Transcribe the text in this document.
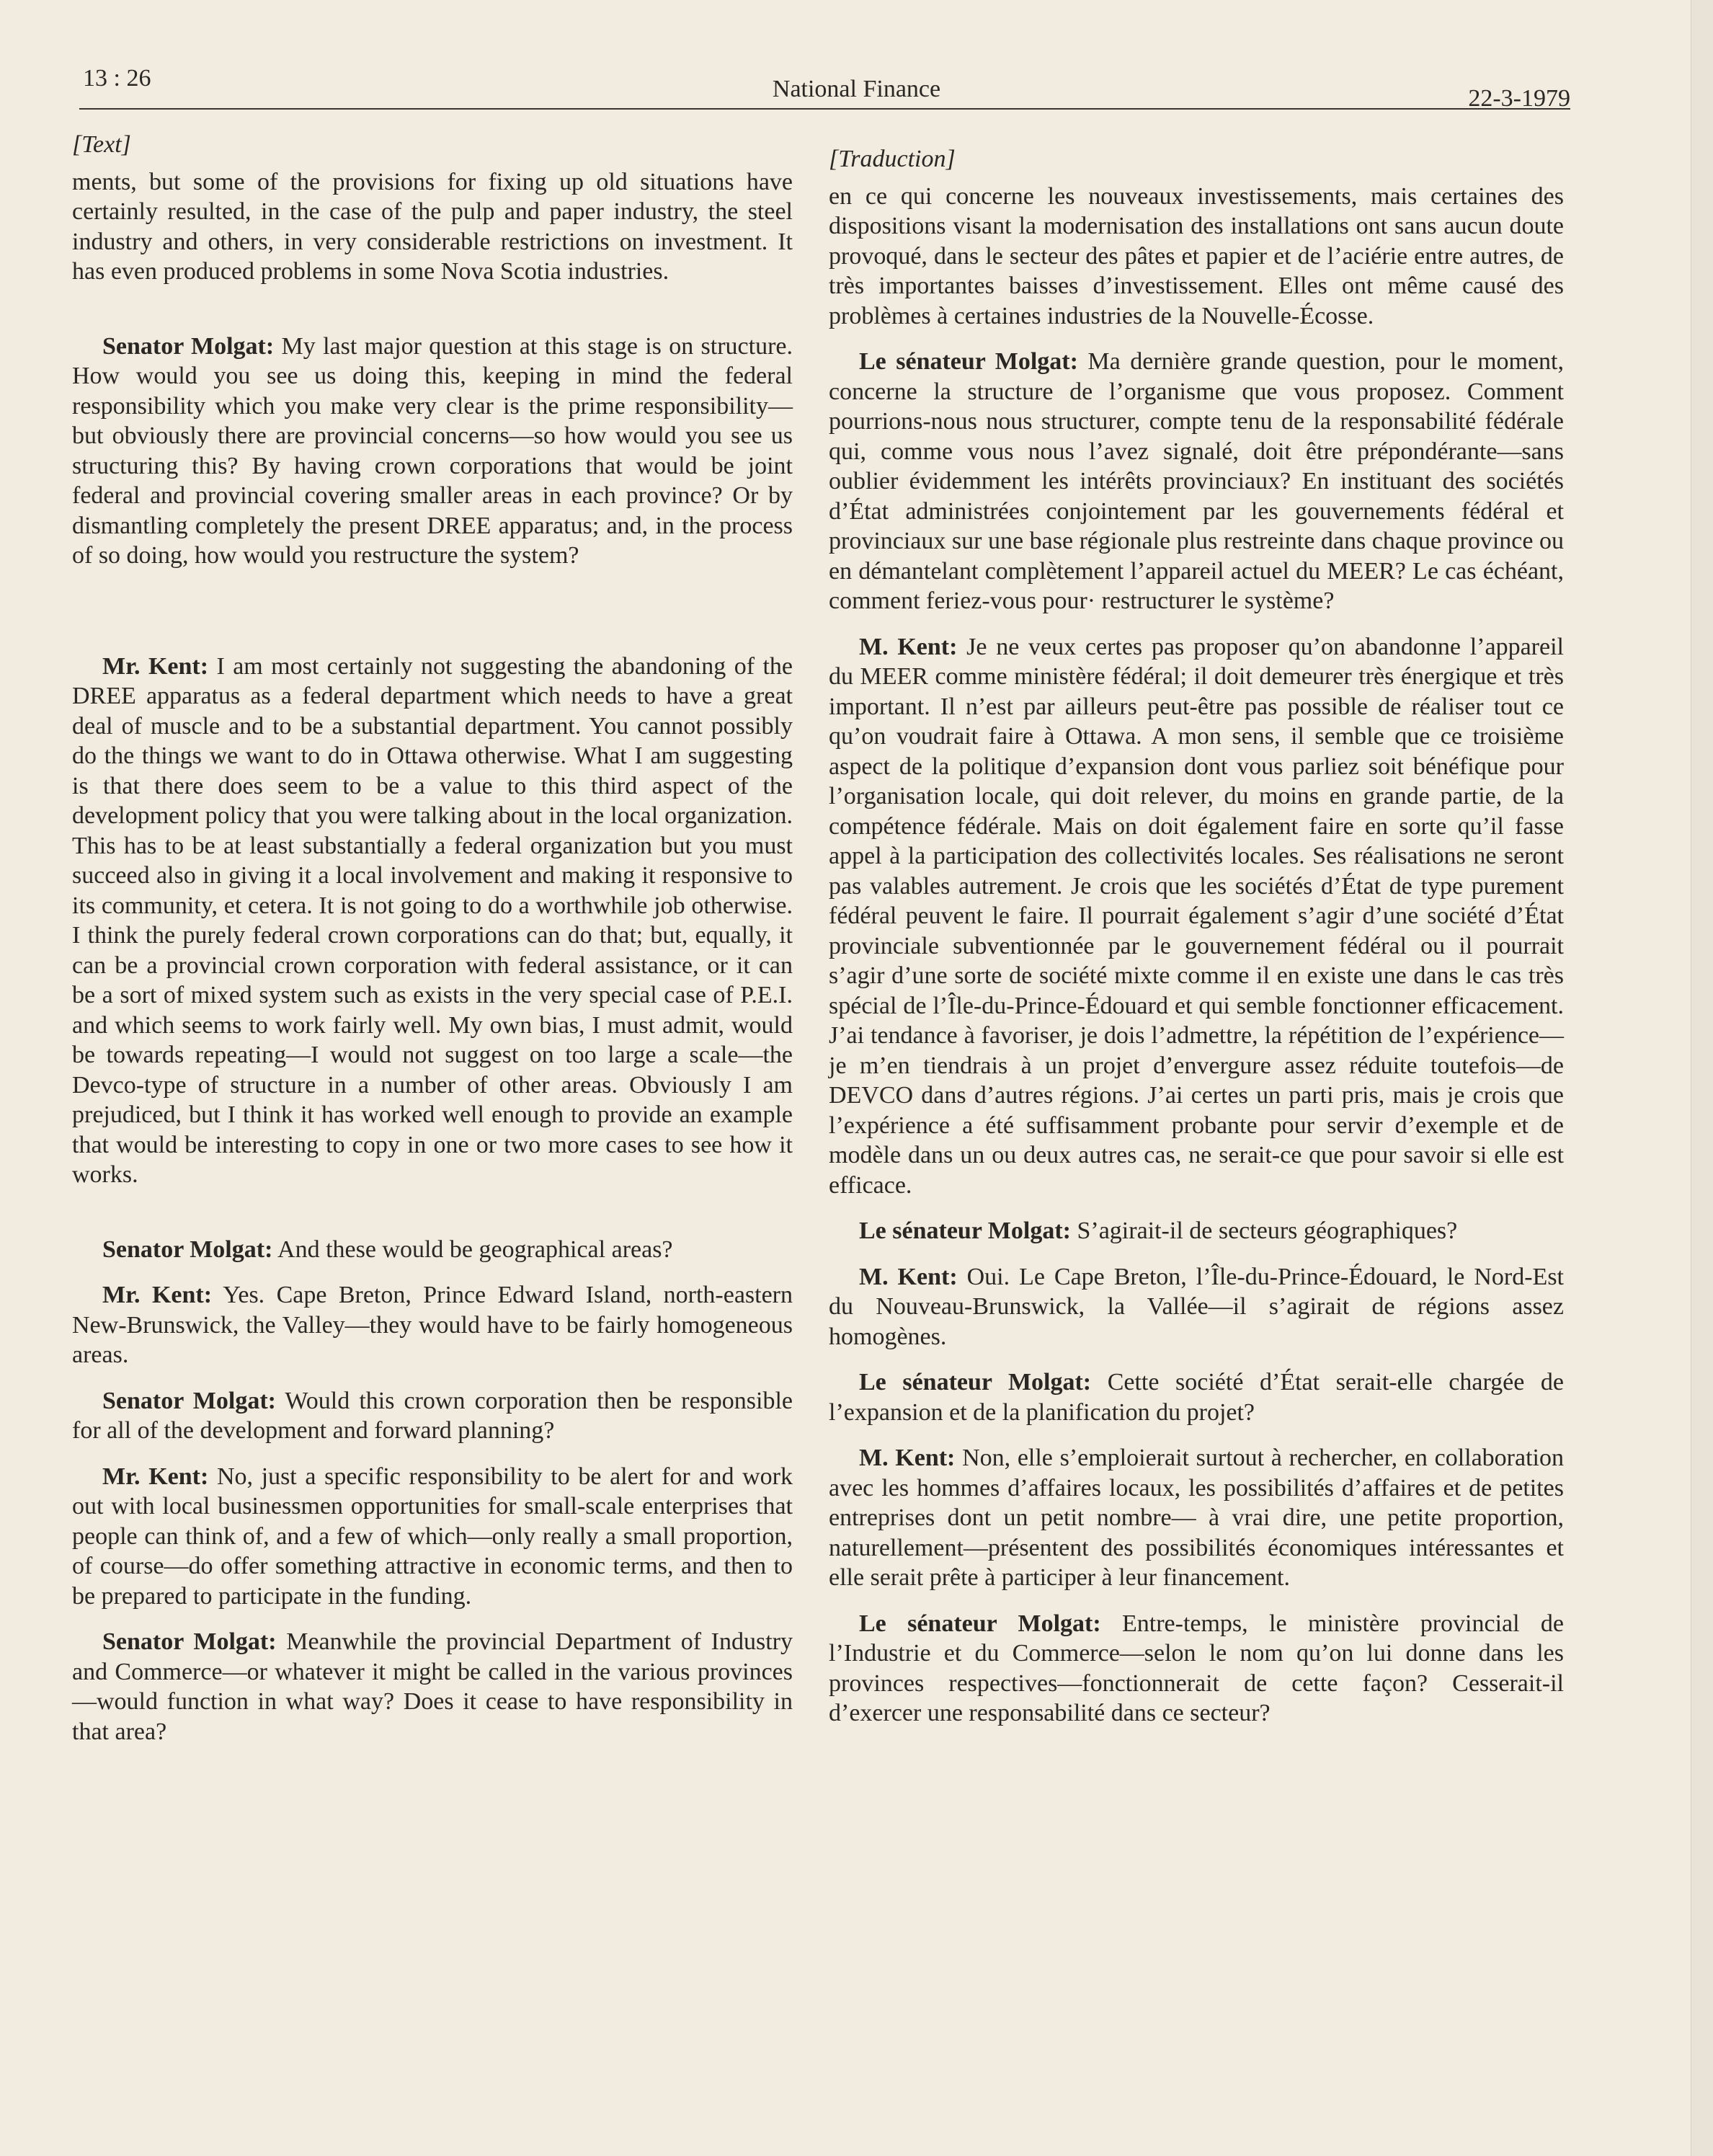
13 : 26	National Finance	22-3-1979
[Text]

ments, but some of the provisions for fixing up old situations have certainly resulted, in the case of the pulp and paper industry, the steel industry and others, in very considerable restrictions on investment. It has even produced problems in some Nova Scotia industries.

Senator Molgat: My last major question at this stage is on structure. How would you see us doing this, keeping in mind the federal responsibility which you make very clear is the prime responsibility—but obviously there are provincial concerns—so how would you see us structuring this? By having crown corporations that would be joint federal and provincial covering smaller areas in each province? Or by dismantling completely the present DREE apparatus; and, in the process of so doing, how would you restructure the system?

Mr. Kent: I am most certainly not suggesting the abandoning of the DREE apparatus as a federal department which needs to have a great deal of muscle and to be a substantial department. You cannot possibly do the things we want to do in Ottawa otherwise. What I am suggesting is that there does seem to be a value to this third aspect of the development policy that you were talking about in the local organization. This has to be at least substantially a federal organization but you must succeed also in giving it a local involvement and making it responsive to its community, et cetera. It is not going to do a worthwhile job otherwise. I think the purely federal crown corporations can do that; but, equally, it can be a provincial crown corporation with federal assistance, or it can be a sort of mixed system such as exists in the very special case of P.E.I. and which seems to work fairly well. My own bias, I must admit, would be towards repeating—I would not suggest on too large a scale—the Devco-type of structure in a number of other areas. Obviously I am prejudiced, but I think it has worked well enough to provide an example that would be interesting to copy in one or two more cases to see how it works.

Senator Molgat: And these would be geographical areas?

Mr. Kent: Yes. Cape Breton, Prince Edward Island, north-eastern New-Brunswick, the Valley—they would have to be fairly homogeneous areas.

Senator Molgat: Would this crown corporation then be responsible for all of the development and forward planning?

Mr. Kent: No, just a specific responsibility to be alert for and work out with local businessmen opportunities for small-scale enterprises that people can think of, and a few of which—only really a small proportion, of course—do offer something attractive in economic terms, and then to be prepared to participate in the funding.

Senator Molgat: Meanwhile the provincial Department of Industry and Commerce—or whatever it might be called in the various provinces—would function in what way? Does it cease to have responsibility in that area?

[Traduction]

en ce qui concerne les nouveaux investissements, mais certaines des dispositions visant la modernisation des installations ont sans aucun doute provoqué, dans le secteur des pâtes et papier et de l’aciérie entre autres, de très importantes baisses d’investissement. Elles ont même causé des problèmes à certaines industries de la Nouvelle-Écosse.

Le sénateur Molgat: Ma dernière grande question, pour le moment, concerne la structure de l’organisme que vous proposez. Comment pourrions-nous nous structurer, compte tenu de la responsabilité fédérale qui, comme vous nous l’avez signalé, doit être prépondérante—sans oublier évidemment les intérêts provinciaux? En instituant des sociétés d’État administrées conjointement par les gouvernements fédéral et provinciaux sur une base régionale plus restreinte dans chaque province ou en démantelant complètement l’appareil actuel du MEER? Le cas échéant, comment feriez-vous pour· restructurer le système?

M. Kent: Je ne veux certes pas proposer qu’on abandonne l’appareil du MEER comme ministère fédéral; il doit demeurer très énergique et très important. Il n’est par ailleurs peut-être pas possible de réaliser tout ce qu’on voudrait faire à Ottawa. A mon sens, il semble que ce troisième aspect de la politique d’expansion dont vous parliez soit bénéfique pour l’organisation locale, qui doit relever, du moins en grande partie, de la compétence fédérale. Mais on doit également faire en sorte qu’il fasse appel à la participation des collectivités locales. Ses réalisations ne seront pas valables autrement. Je crois que les sociétés d’État de type purement fédéral peuvent le faire. Il pourrait également s’agir d’une société d’État provinciale subventionnée par le gouvernement fédéral ou il pourrait s’agir d’une sorte de société mixte comme il en existe une dans le cas très spécial de l’Île-du-Prince-Édouard et qui semble fonctionner efficacement. J’ai tendance à favoriser, je dois l’admettre, la répétition de l’expérience—je m’en tiendrais à un projet d’envergure assez réduite toutefois—de DEVCO dans d’autres régions. J’ai certes un parti pris, mais je crois que l’expérience a été suffisamment probante pour servir d’exemple et de modèle dans un ou deux autres cas, ne serait-ce que pour savoir si elle est efficace.

Le sénateur Molgat: S’agirait-il de secteurs géographiques?

M. Kent: Oui. Le Cape Breton, l’Île-du-Prince-Édouard, le Nord-Est du Nouveau-Brunswick, la Vallée—il s’agirait de régions assez homogènes.

Le sénateur Molgat: Cette société d’État serait-elle chargée de l’expansion et de la planification du projet?

M. Kent: Non, elle s’emploierait surtout à rechercher, en collaboration avec les hommes d’affaires locaux, les possibilités d’affaires et de petites entreprises dont un petit nombre— à vrai dire, une petite proportion, naturellement—présentent des possibilités économiques intéressantes et elle serait prête à participer à leur financement.

Le sénateur Molgat: Entre-temps, le ministère provincial de l’Industrie et du Commerce—selon le nom qu’on lui donne dans les provinces respectives—fonctionnerait de cette façon? Cesserait-il d’exercer une responsabilité dans ce secteur?
